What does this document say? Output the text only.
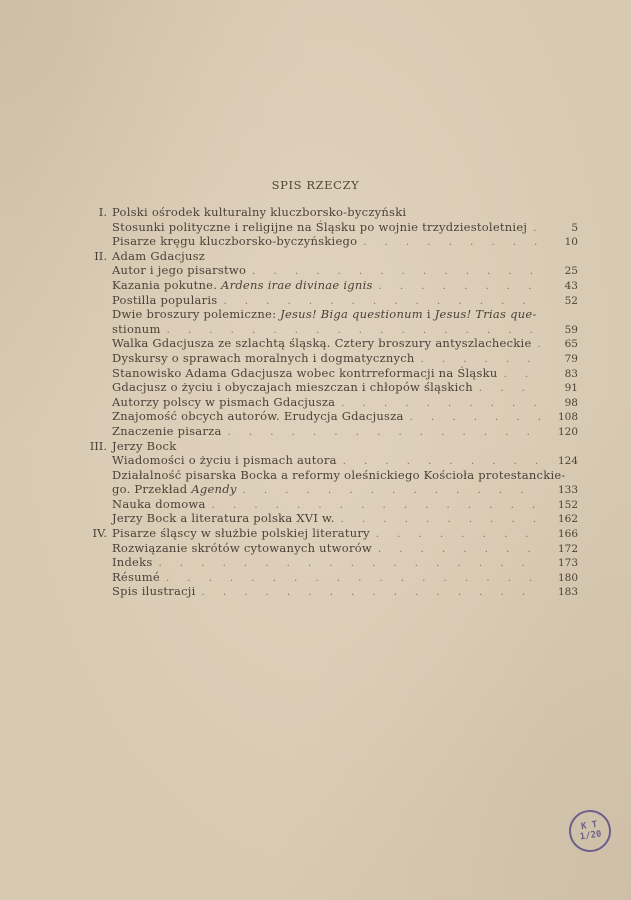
SPIS RZECZY
I. Polski ośrodek kulturalny kluczborsko-byczyński
Stosunki polityczne i religijne na Śląsku po wojnie trzydziestoletniej . . .	5
Pisarze kręgu kluczborsko-byczyńskiego . . .	10
II. Adam Gdacjusz
Autor i jego pisarstwo . . .	25
Kazania pokutne. Ardens irae divinae ignis . . .	43
Postilla popularis . . .	52
Dwie broszury polemiczne: Jesus! Biga questionum i Jesus! Trias que-
stionum . . .	59
Walka Gdacjusza ze szlachtą śląską. Cztery broszury antyszlacheckie . . .	65
Dyskursy o sprawach moralnych i dogmatycznych . . .	79
Stanowisko Adama Gdacjusza wobec kontrreformacji na Śląsku . . .	83
Gdacjusz o życiu i obyczajach mieszczan i chłopów śląskich . . .	91
Autorzy polscy w pismach Gdacjusza . . .	98
Znajomość obcych autorów. Erudycja Gdacjusza . . .	108
Znaczenie pisarza . . .	120
III. Jerzy Bock
Wiadomości o życiu i pismach autora . . .	124
Działalność pisarska Bocka a reformy oleśnickiego Kościoła protestanckie-
go. Przekład Agendy . . .	133
Nauka domowa . . .	152
Jerzy Bock a literatura polska XVI w. . . .	162
IV. Pisarze śląscy w służbie polskiej literatury . . .	166
Rozwiązanie skrótów cytowanych utworów . . .	172
Indeks . . .	173
Résumé . . .	180
Spis ilustracji . . .	183
K T
1/20
